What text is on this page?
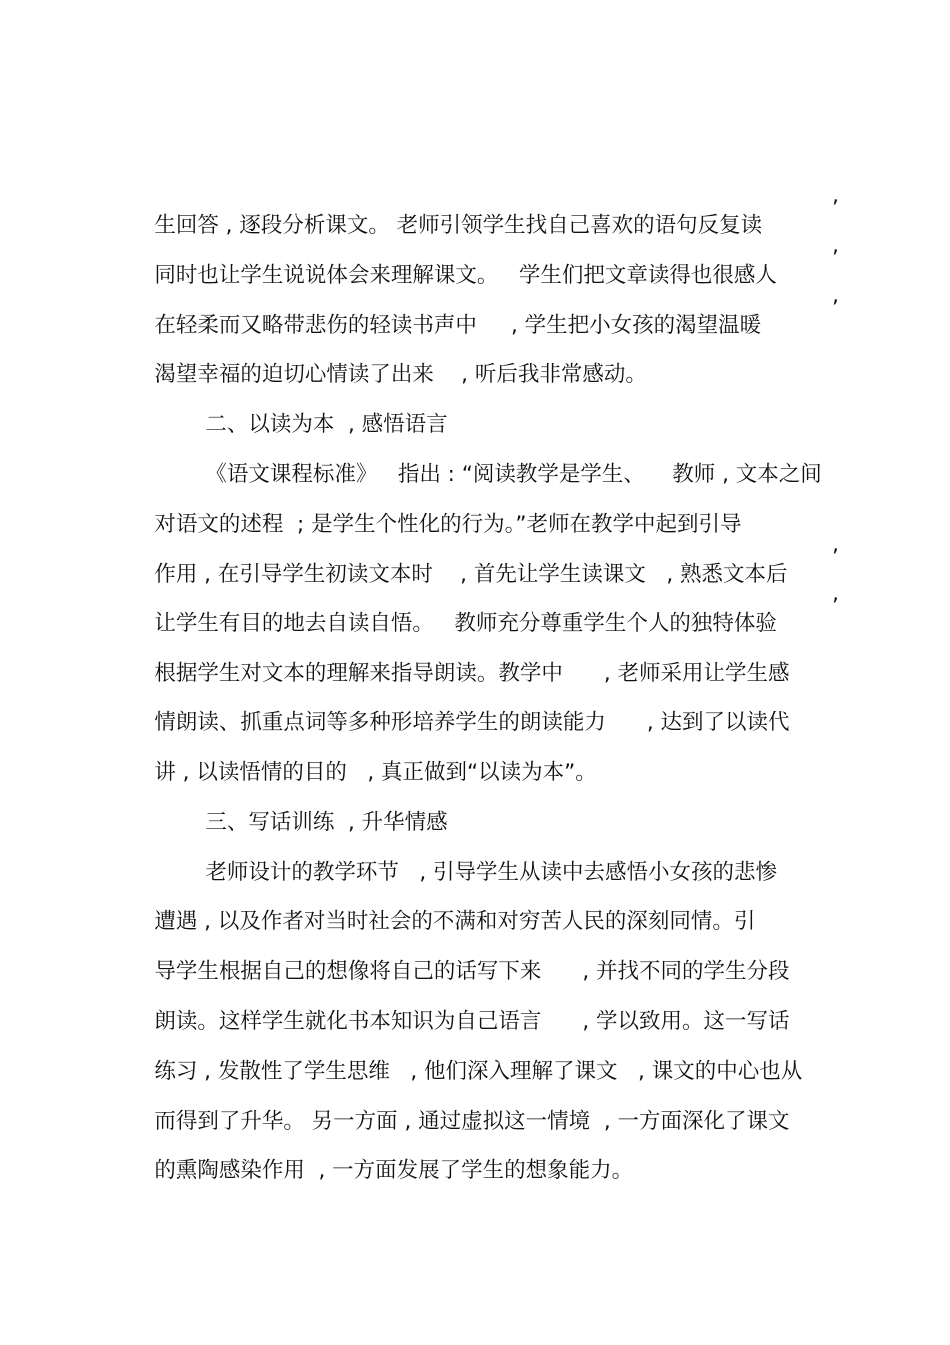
生回答 , 逐段分析课文。 老师引领学生找自己喜欢的语句反复读

,

同时也让学生说说体会来理解课文。   学生们把文章读得也很感人

,

在轻柔而又略带悲伤的轻读书声中     , 学生把小女孩的渴望温暖

,

渴望幸福的迫切心情读了出来    , 听后我非常感动。

二、以读为本  , 感悟语言

《语文课程标准》   指出 : “阅读教学是学生、    教师 , 文本之间

对语文的述程  ; 是学生个性化的行为。”老师在教学中起到引导

作用 , 在引导学生初读文本时    , 首先让学生读课文   , 熟悉文本后

,

让学生有目的地去自读自悟。   教师充分尊重学生个人的独特体验

,

根据学生对文本的理解来指导朗读。教学中      , 老师采用让学生感

情朗读、抓重点词等多种形培养学生的朗读能力      , 达到了以读代

讲 , 以读悟情的目的   , 真正做到“以读为本”。

三、写话训练  , 升华情感

老师设计的教学环节   , 引导学生从读中去感悟小女孩的悲惨

遭遇 , 以及作者对当时社会的不满和对穷苦人民的深刻同情。引

导学生根据自己的想像将自己的话写下来      , 并找不同的学生分段

朗读。这样学生就化书本知识为自己语言      , 学以致用。这一写话

练习 , 发散性了学生思维   , 他们深入理解了课文   , 课文的中心也从

而得到了升华。 另一方面 , 通过虚拟这一情境  , 一方面深化了课文

的熏陶感染作用  , 一方面发展了学生的想象能力。
